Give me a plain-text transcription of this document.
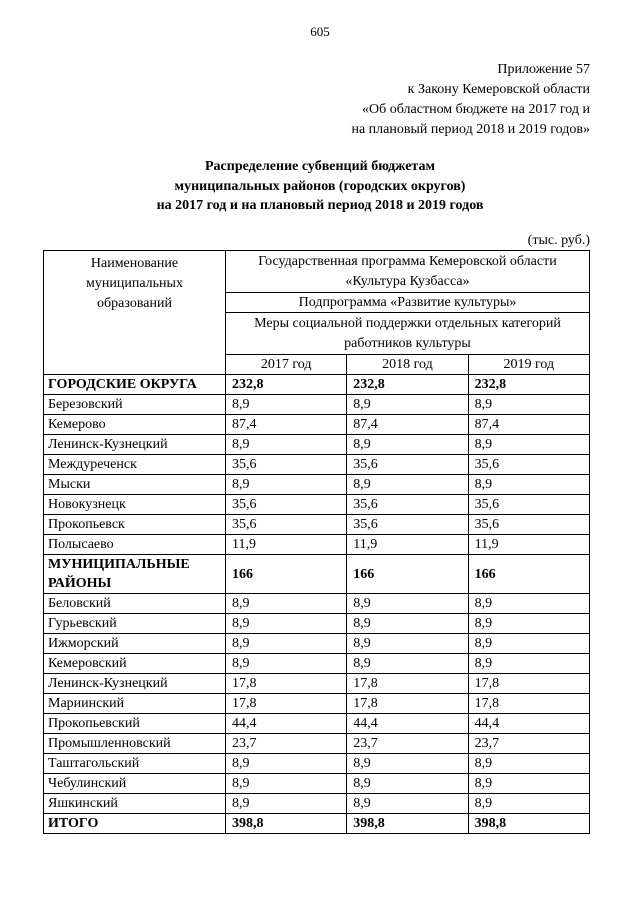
605
Приложение 57
к Закону Кемеровской области
«Об областном бюджете на 2017 год и
на плановый период 2018 и 2019 годов»
Распределение субвенций бюджетам
муниципальных районов (городских округов)
на 2017 год и на плановый период 2018 и 2019 годов
(тыс. руб.)
Наименование муниципальных образований	Государственная программа Кемеровской области «Культура Кузбасса»		
	Подпрограмма «Развитие культуры»		
	Меры социальной поддержки отдельных категорий работников культуры		
	2017 год	2018 год	2019 год
ГОРОДСКИЕ ОКРУГА	232,8	232,8	232,8
Березовский	8,9	8,9	8,9
Кемерово	87,4	87,4	87,4
Ленинск-Кузнецкий	8,9	8,9	8,9
Междуреченск	35,6	35,6	35,6
Мыски	8,9	8,9	8,9
Новокузнецк	35,6	35,6	35,6
Прокопьевск	35,6	35,6	35,6
Полысаево	11,9	11,9	11,9
МУНИЦИПАЛЬНЫЕ РАЙОНЫ	166	166	166
Беловский	8,9	8,9	8,9
Гурьевский	8,9	8,9	8,9
Ижморский	8,9	8,9	8,9
Кемеровский	8,9	8,9	8,9
Ленинск-Кузнецкий	17,8	17,8	17,8
Мариинский	17,8	17,8	17,8
Прокопьевский	44,4	44,4	44,4
Промышленновский	23,7	23,7	23,7
Таштагольский	8,9	8,9	8,9
Чебулинский	8,9	8,9	8,9
Яшкинский	8,9	8,9	8,9
ИТОГО	398,8	398,8	398,8
